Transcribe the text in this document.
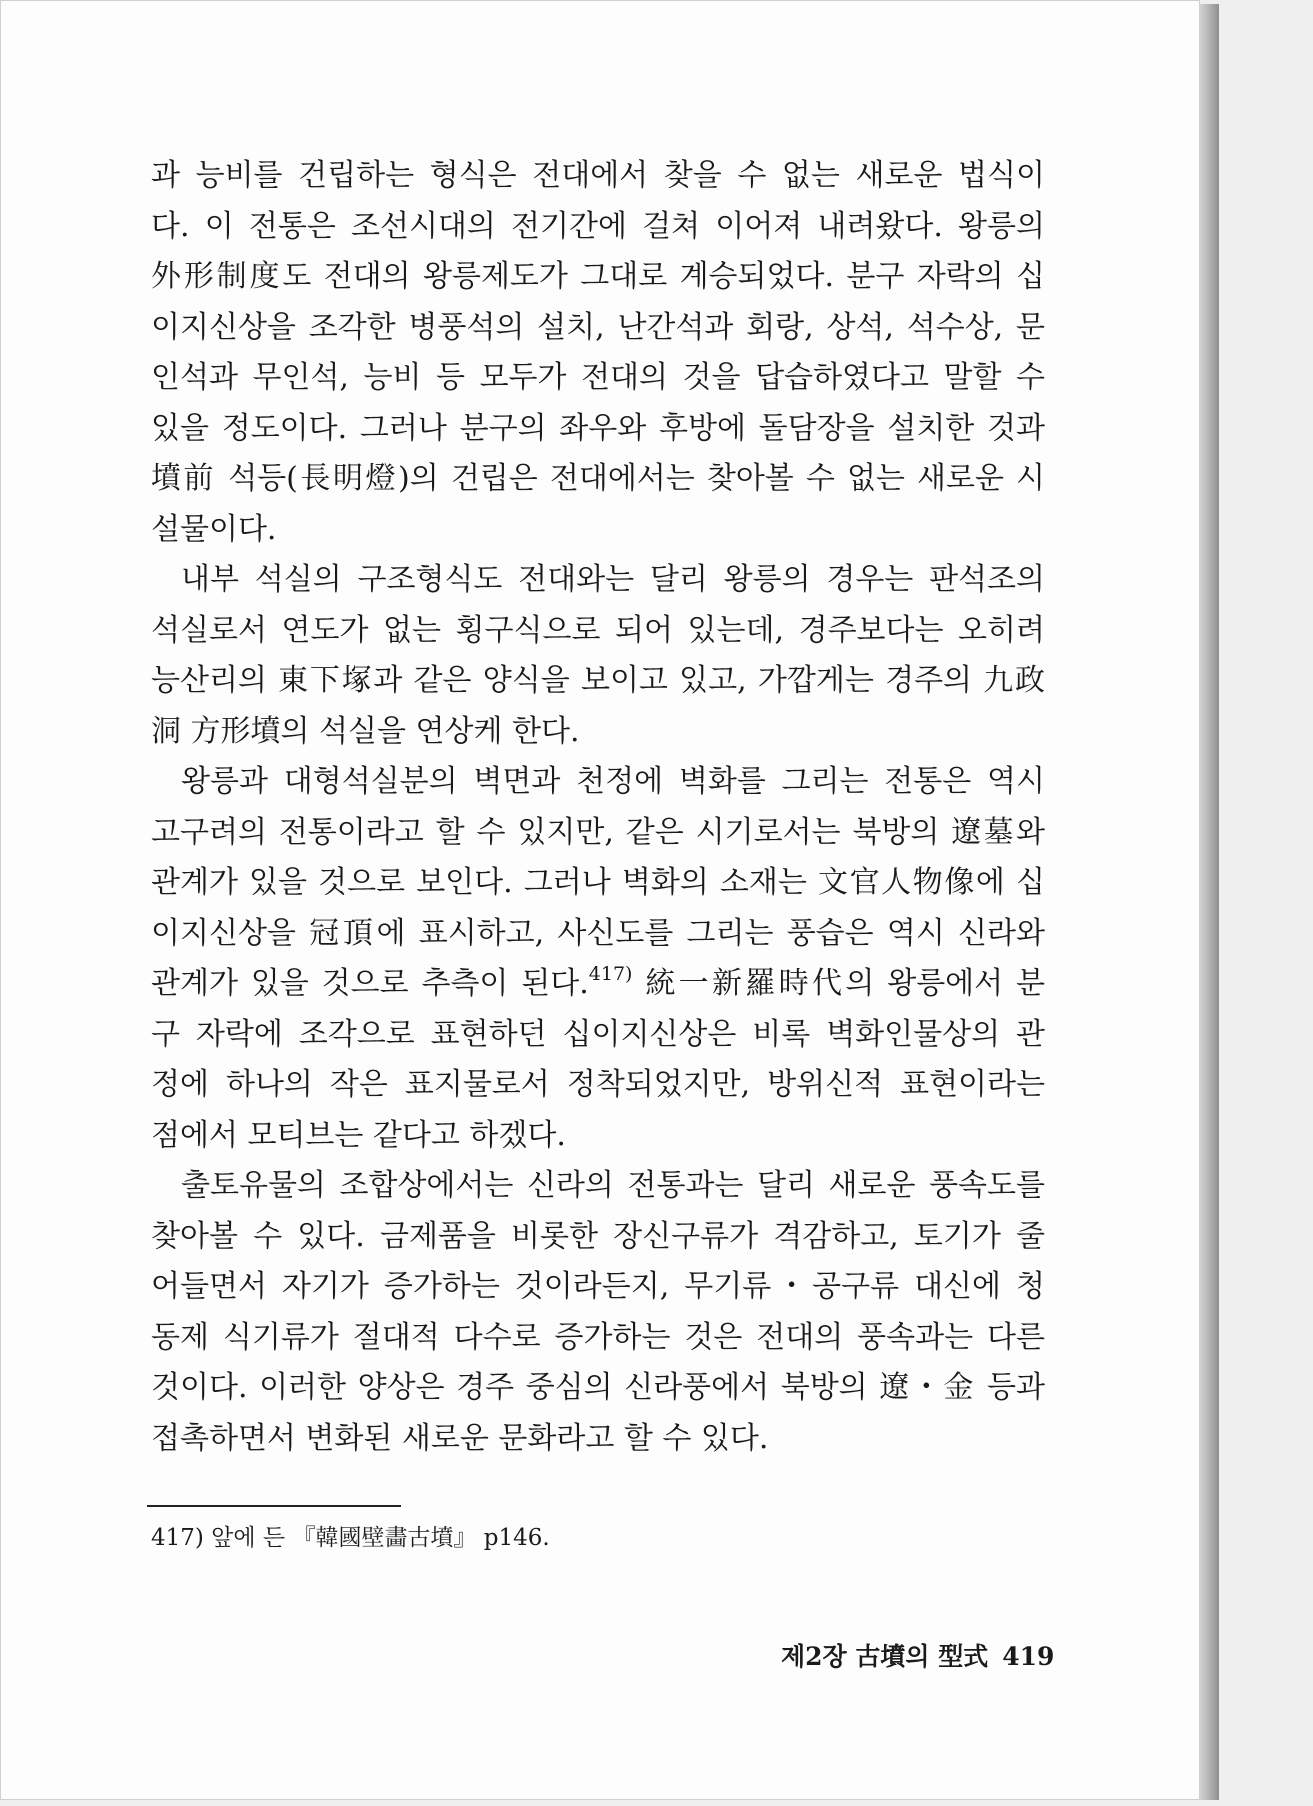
과 능비를 건립하는 형식은 전대에서 찾을 수 없는 새로운 법식이
다. 이 전통은 조선시대의 전기간에 걸쳐 이어져 내려왔다. 왕릉의
外形制度도 전대의 왕릉제도가 그대로 계승되었다. 분구 자락의 십
이지신상을 조각한 병풍석의 설치, 난간석과 회랑, 상석, 석수상, 문
인석과 무인석, 능비 등 모두가 전대의 것을 답습하였다고 말할 수
있을 정도이다. 그러나 분구의 좌우와 후방에 돌담장을 설치한 것과
墳前 석등(長明燈)의 건립은 전대에서는 찾아볼 수 없는 새로운 시
설물이다.
내부 석실의 구조형식도 전대와는 달리 왕릉의 경우는 판석조의
석실로서 연도가 없는 횡구식으로 되어 있는데, 경주보다는 오히려
능산리의 東下塚과 같은 양식을 보이고 있고, 가깝게는 경주의 九政
洞 方形墳의 석실을 연상케 한다.
왕릉과 대형석실분의 벽면과 천정에 벽화를 그리는 전통은 역시
고구려의 전통이라고 할 수 있지만, 같은 시기로서는 북방의 遼墓와
관계가 있을 것으로 보인다. 그러나 벽화의 소재는 文官人物像에 십
이지신상을 冠頂에 표시하고, 사신도를 그리는 풍습은 역시 신라와
관계가 있을 것으로 추측이 된다.$^{417)}$ 統一新羅時代의 왕릉에서 분
구 자락에 조각으로 표현하던 십이지신상은 비록 벽화인물상의 관
정에 하나의 작은 표지물로서 정착되었지만, 방위신적 표현이라는
점에서 모티브는 같다고 하겠다.
출토유물의 조합상에서는 신라의 전통과는 달리 새로운 풍속도를
찾아볼 수 있다. 금제품을 비롯한 장신구류가 격감하고, 토기가 줄
어들면서 자기가 증가하는 것이라든지, 무기류・공구류 대신에 청
동제 식기류가 절대적 다수로 증가하는 것은 전대의 풍속과는 다른
것이다. 이러한 양상은 경주 중심의 신라풍에서 북방의 遼・金 등과
접촉하면서 변화된 새로운 문화라고 할 수 있다.
417) 앞에 든 『韓國壁畵古墳』 p146.
제2장 古墳의 型式 419
